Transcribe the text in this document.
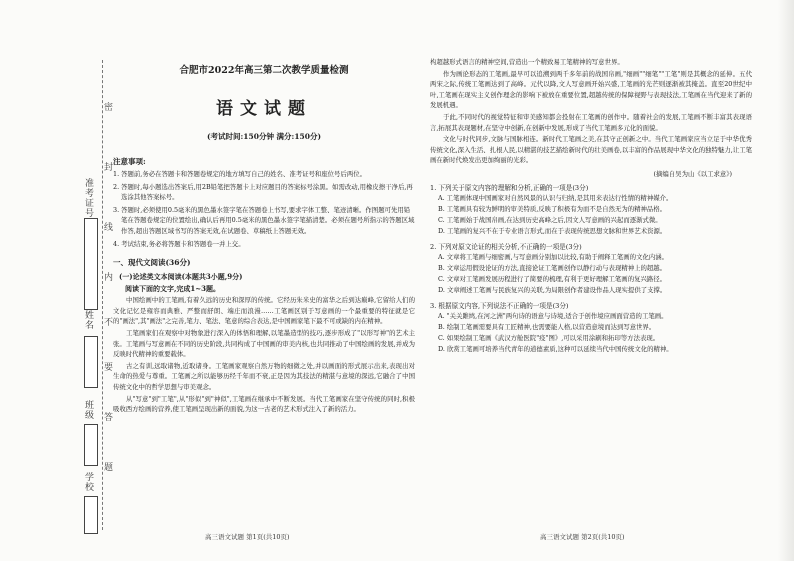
准考证号
姓名
班级
学校
密
封
线
内
不
要
答
题
合肥市2022年高三第二次教学质量检测
语文试题
(考试时间:150分钟 满分:150分)
注意事项:

1. 答题前,务必在答题卡和答题卷规定的地方填写自己的姓名、准考证号和座位号后两位。

2. 答题时,每小题选出答案后,用2B铅笔把答题卡上对应题目的答案标号涂黑。如需改动,用橡皮擦干净后,再选涂其他答案标号。

3. 答题时,必须使用0.5毫米的黑色墨水签字笔在答题卷上书写,要求字体工整、笔迹清晰。作图题可先用铅笔在答题卷规定的位置绘出,确认后再用0.5毫米的黑色墨水签字笔描清楚。必须在题号所指示的答题区域作答,超出答题区域书写的答案无效,在试题卷、草稿纸上答题无效。

4. 考试结束,务必将答题卡和答题卷一并上交。

一、现代文阅读(36分)
(一)论述类文本阅读(本题共3小题,9分)
阅读下面的文字,完成1~3题。

中国绘画中的工笔画,有着久远的历史和深厚的传统。它经历朱米史的富华之后到达巅峰,它留给人们的文化记忆是雍容而典雅、严整而舒朗、端庄而浪漫……工笔画区别于写意画的一个最重要的特征就是它的"画法",其"画法"之完善,笔力、笔法、笔意的综合表达,是中国画家笔下最不可或缺的内在精神。

工笔画家们在观察中对物象进行深入的体悟和理解,以笔墨造型的技巧,逐步形成了"以形写神"的艺术主张。工笔画与写意画在不同的历史阶段,共同构成了中国画的审美内核,也共同推动了中国绘画的发展,并成为反映时代精神的重要载体。

古之有训,远取诸物,近取诸身。工笔画家观察自然万物的细微之处,并以画面的形式展示出来,表现出对生命的热爱与尊重。工笔画之所以能够历经千年而不衰,正是因为其技法的精湛与意境的深远,它融合了中国传统文化中的哲学思想与审美观念。

从"写意"到"工笔",从"形似"到"神似",工笔画在继承中不断发展。当代工笔画家在坚守传统的同时,积极吸收西方绘画的营养,使工笔画呈现出新的面貌,为这一古老的艺术形式注入了新的活力。

高三语文试题 第1页(共10页)

构超越形式语言的精神空间,营造出一个精致易工笔精神的写意世界。

作为画论形态的工笔画,最早可以追溯到两千多年前的战国帛画,"细画""细笔""工笔"则是其概念的延伸。五代两宋之际,传统工笔画达到了高峰。元代以降,文人写意画开始兴盛,工笔画的光芒则逐渐被其掩盖。直至20世纪中叶,工笔画在现实主义创作理念的影响下被放在重要位置,超越传统的保障视野与表现技法,工笔画在当代迎来了新的发展机遇。

于此,不同时代的视觉特征和审美感知都会投射在工笔画的创作中。随着社会的发展,工笔画不断丰富其表现语言,拓展其表现题材,在坚守中创新,在创新中发展,形成了当代工笔画多元化的面貌。

文化与时代同步,文脉与国脉相连。新时代工笔画之美,在其守正创新之中。当代工笔画家应当立足于中华优秀传统文化,深入生活、扎根人民,以精湛的技艺描绘新时代的壮美画卷,以丰富的作品展现中华文化的独特魅力,让工笔画在新时代焕发出更加绚丽的光彩。

(摘编自吴为山《以工求意》)
1. 下列关于原文内容的理解和分析,正确的一项是(3分)
A. 工笔画体现中国画家对自然风景的认识与归纳,是其用来表达行性情的精神媒介。
B. 工笔画具有较为鲜明的审美特质,反映了积极有为而不是自然无为的精神品格。
C. 工笔画始于战国帛画,在达到历史高峰之后,因文人写意画的兴起而逐渐式微。
D. 工笔画的复兴不在于专业语言形式,而在于表现传统思想文脉和世界艺术资源。
2. 下列对原文论证的相关分析,不正确的一项是(3分)
A. 文章将工笔画与细密画,与写意画分别加以比较,有助于阐释工笔画的文化内涵。
B. 文章运用假设论证的方法,直接论证工笔画创作以静行动与表现精神上的超越。
C. 文章对工笔画发展历程进行了简要的梳理,有利于更好理解工笔画的复兴路径。
D. 文章阐述工笔画与民族复兴的关联,为局限创作者建设作品人现实提供了支撑。
3. 根据原文内容,下列说法不正确的一项是(3分)
A. "关关雎鸠,在河之洲"两句诗的语意与诗境,适合于创作境应画面营造的工笔画。
B. 绘制工笔画需要具有工匠精神,也需要能人格,以营造意境而达到写意世界。
C. 如果绘制工笔画《武汉方舱医院"疫"图》,可以采用涂刷和拓印等方法表现。
D. 欣赏工笔画可培养当代青年的道德素质,这种可以延续当代中国传统文化的精神。
高三语文试题 第2页(共10页)
